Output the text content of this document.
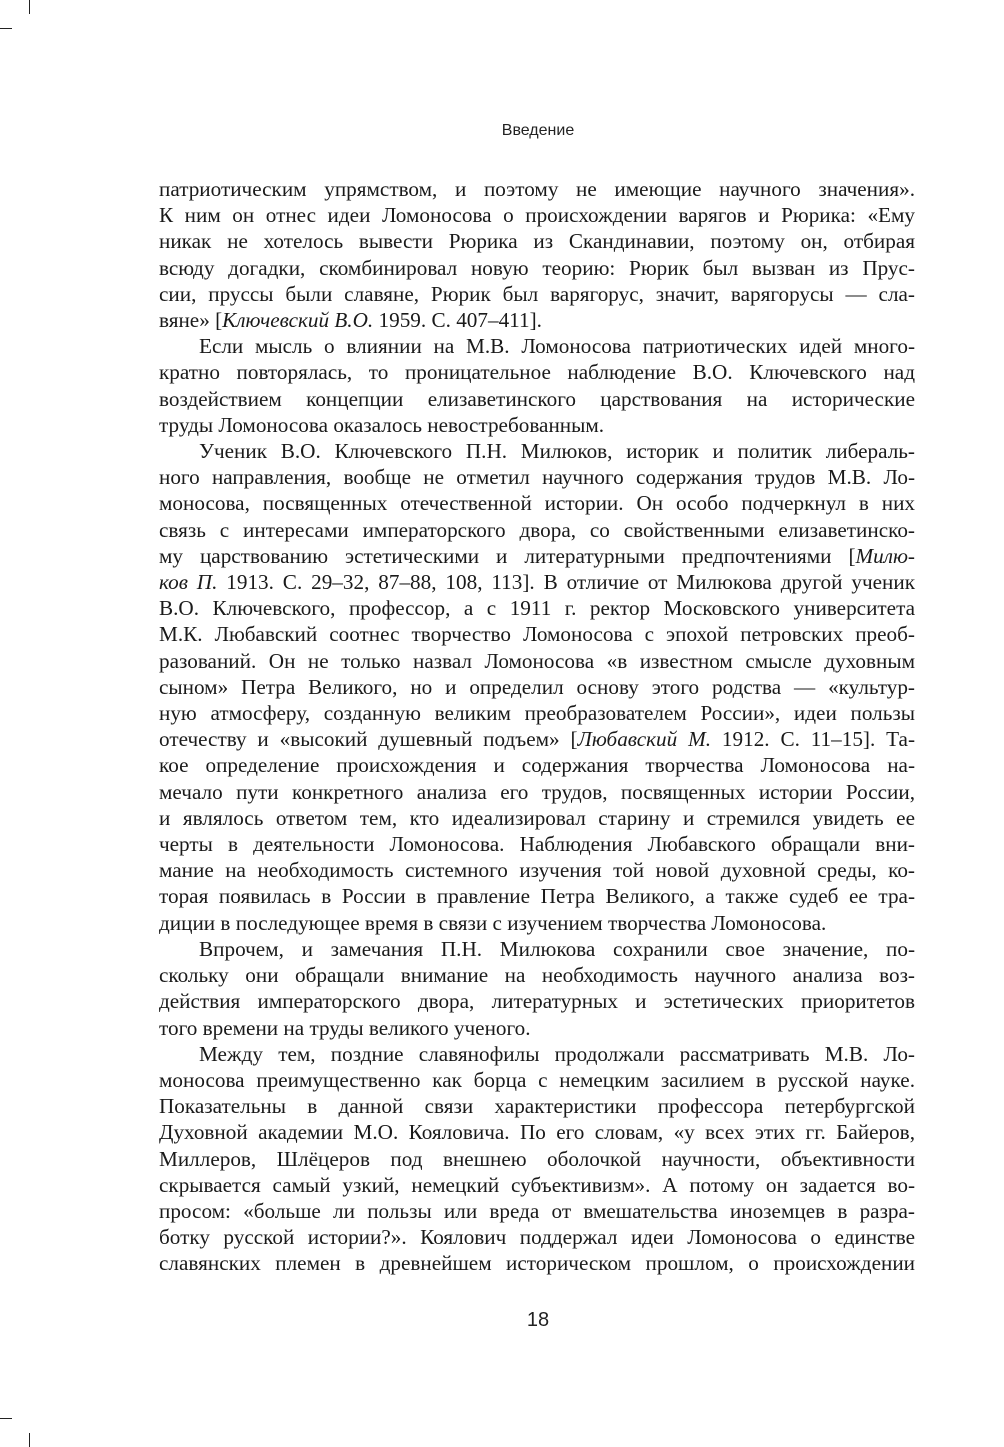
Введение
патриотическим упрямством, и поэтому не имеющие научного значения».
К ним он отнес идеи Ломоносова о происхождении варягов и Рюрика: «Ему
никак не хотелось вывести Рюрика из Скандинавии, поэтому он, отбирая
всюду догадки, скомбинировал новую теорию: Рюрик был вызван из Прус-
сии, пруссы были славяне, Рюрик был варягорус, значит, варягорусы — сла-
вяне» [Ключевский В.О. 1959. С. 407–411].
Если мысль о влиянии на М.В. Ломоносова патриотических идей много-
кратно повторялась, то проницательное наблюдение В.О. Ключевского над
воздействием концепции елизаветинского царствования на исторические
труды Ломоносова оказалось невостребованным.
Ученик В.О. Ключевского П.Н. Милюков, историк и политик либераль-
ного направления, вообще не отметил научного содержания трудов М.В. Ло-
моносова, посвященных отечественной истории. Он особо подчеркнул в них
связь с интересами императорского двора, со свойственными елизаветинско-
му царствованию эстетическими и литературными предпочтениями [Милю-
ков П. 1913. С. 29–32, 87–88, 108, 113]. В отличие от Милюкова другой ученик
В.О. Ключевского, профессор, а с 1911 г. ректор Московского университета
М.К. Любавский соотнес творчество Ломоносова с эпохой петровских преоб-
разований. Он не только назвал Ломоносова «в известном смысле духовным
сыном» Петра Великого, но и определил основу этого родства — «культур-
ную атмосферу, созданную великим преобразователем России», идеи пользы
отечеству и «высокий душевный подъем» [Любавский М. 1912. С. 11–15]. Та-
кое определение происхождения и содержания творчества Ломоносова на-
мечало пути конкретного анализа его трудов, посвященных истории России,
и являлось ответом тем, кто идеализировал старину и стремился увидеть ее
черты в деятельности Ломоносова. Наблюдения Любавского обращали вни-
мание на необходимость системного изучения той новой духовной среды, ко-
торая появилась в России в правление Петра Великого, а также судеб ее тра-
диции в последующее время в связи с изучением творчества Ломоносова.
Впрочем, и замечания П.Н. Милюкова сохранили свое значение, по-
скольку они обращали внимание на необходимость научного анализа воз-
действия императорского двора, литературных и эстетических приоритетов
того времени на труды великого ученого.
Между тем, поздние славянофилы продолжали рассматривать М.В. Ло-
моносова преимущественно как борца с немецким засилием в русской науке.
Показательны в данной связи характеристики профессора петербургской
Духовной академии М.О. Кояловича. По его словам, «у всех этих гг. Байеров,
Миллеров, Шлёцеров под внешнею оболочкой научности, объективности
скрывается самый узкий, немецкий субъективизм». А потому он задается во-
просом: «больше ли пользы или вреда от вмешательства иноземцев в разра-
ботку русской истории?». Коялович поддержал идеи Ломоносова о единстве
славянских племен в древнейшем историческом прошлом, о происхождении
18
